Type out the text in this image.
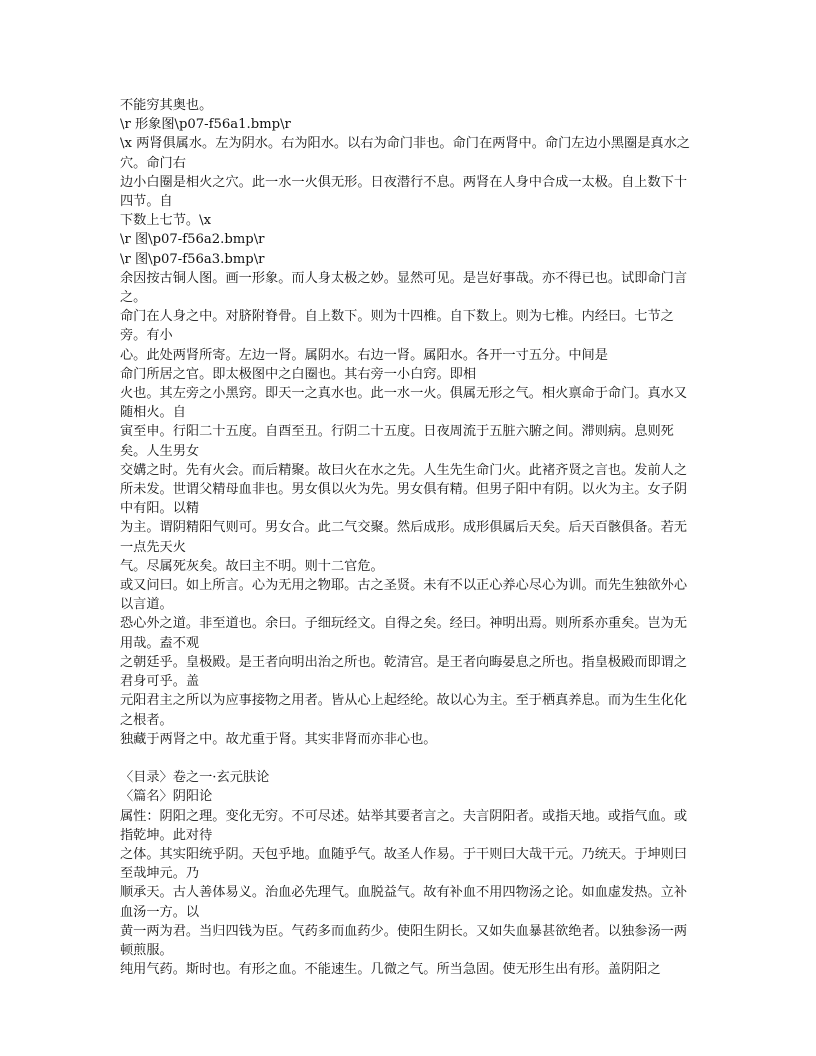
不能穷其奥也。
\r 形象图\p07-f56a1.bmp\r
\x 两肾俱属水。左为阴水。右为阳水。以右为命门非也。命门在两肾中。命门左边小黑圈是真水之穴。命门右
边小白圈是相火之穴。此一水一火俱无形。日夜潜行不息。两肾在人身中合成一太极。自上数下十四节。自
下数上七节。\x
\r 图\p07-f56a2.bmp\r
\r 图\p07-f56a3.bmp\r
余因按古铜人图。画一形象。而人身太极之妙。显然可见。是岂好事哉。亦不得已也。试即命门言之。
命门在人身之中。对脐附脊骨。自上数下。则为十四椎。自下数上。则为七椎。内经曰。七节之旁。有小
心。此处两肾所寄。左边一肾。属阴水。右边一肾。属阳水。各开一寸五分。中间是
命门所居之官。即太极图中之白圈也。其右旁一小白窍。即相
火也。其左旁之小黑窍。即天一之真水也。此一水一火。俱属无形之气。相火禀命于命门。真水又随相火。自
寅至申。行阳二十五度。自酉至丑。行阴二十五度。日夜周流于五脏六腑之间。滞则病。息则死矣。人生男女
交媾之时。先有火会。而后精聚。故曰火在水之先。人生先生命门火。此褚齐贤之言也。发前人之
所未发。世谓父精母血非也。男女俱以火为先。男女俱有精。但男子阳中有阴。以火为主。女子阴中有阳。以精
为主。谓阴精阳气则可。男女合。此二气交聚。然后成形。成形俱属后天矣。后天百骸俱备。若无一点先天火
气。尽属死灰矣。故曰主不明。则十二官危。
或又问曰。如上所言。心为无用之物耶。古之圣贤。未有不以正心养心尽心为训。而先生独欲外心以言道。
恐心外之道。非至道也。余曰。子细玩经文。自得之矣。经曰。神明出焉。则所系亦重矣。岂为无用哉。盍不观
之朝廷乎。皇极殿。是王者向明出治之所也。乾清宫。是王者向晦晏息之所也。指皇极殿而即谓之君身可乎。盖
元阳君主之所以为应事接物之用者。皆从心上起经纶。故以心为主。至于栖真养息。而为生生化化之根者。
独藏于两肾之中。故尤重于肾。其实非肾而亦非心也。
〈目录〉卷之一·玄元肤论
〈篇名〉阴阳论
属性：阴阳之理。变化无穷。不可尽述。姑举其要者言之。夫言阴阳者。或指天地。或指气血。或指乾坤。此对待
之体。其实阳统乎阴。天包乎地。血随乎气。故圣人作易。于干则曰大哉干元。乃统天。于坤则曰至哉坤元。乃
顺承天。古人善体易义。治血必先理气。血脱益气。故有补血不用四物汤之论。如血虚发热。立补血汤一方。以
黄一两为君。当归四钱为臣。气药多而血药少。使阳生阴长。又如失血暴甚欲绝者。以独参汤一两顿煎服。
纯用气药。斯时也。有形之血。不能速生。几微之气。所当急固。使无形生出有形。盖阴阳之
